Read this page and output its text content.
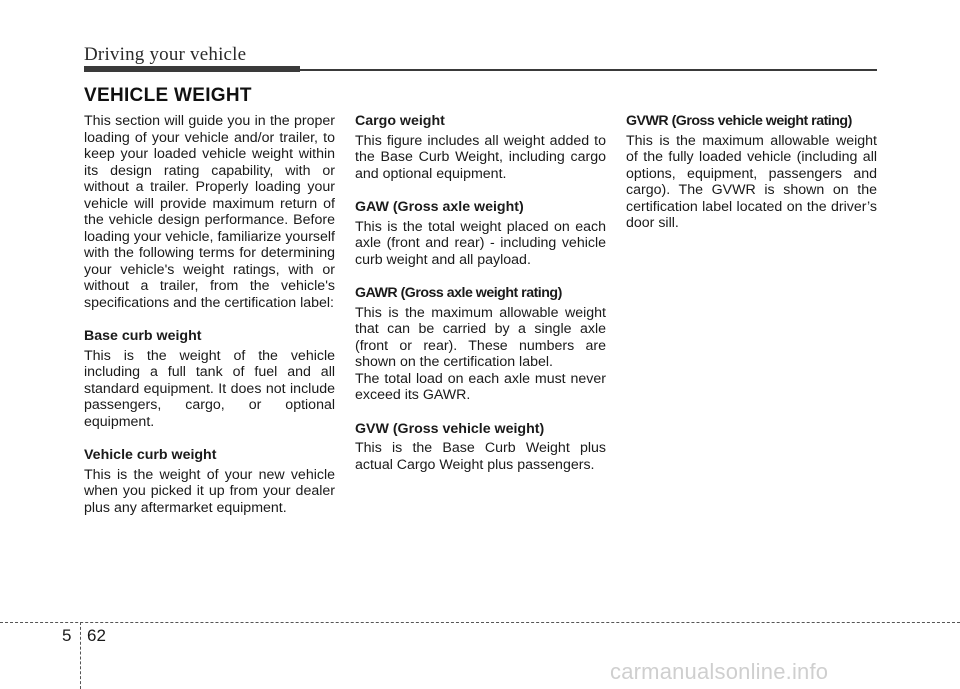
Driving your vehicle
VEHICLE WEIGHT

This section will guide you in the proper loading of your vehicle and/or trailer, to keep your loaded vehicle weight within its design rating capability, with or without a trailer. Properly loading your vehicle will provide maximum return of the vehicle design performance. Before loading your vehicle, familiarize yourself with the following terms for determining your vehicle's weight ratings, with or without a trailer, from the vehicle's specifications and the certification label:

Base curb weight

This is the weight of the vehicle including a full tank of fuel and all standard equipment. It does not include passengers, cargo, or optional equipment.

Vehicle curb weight

This is the weight of your new vehicle when you picked it up from your dealer plus any aftermarket equipment.

Cargo weight

This figure includes all weight added to the Base Curb Weight, including cargo and optional equipment.

GAW (Gross axle weight)

This is the total weight placed on each axle (front and rear) - including vehicle curb weight and all payload.

GAWR (Gross axle weight rating)

This is the maximum allowable weight that can be carried by a single axle (front or rear). These numbers are shown on the certification label.

The total load on each axle must never exceed its GAWR.

GVW (Gross vehicle weight)

This is the Base Curb Weight plus actual Cargo Weight plus passengers.

GVWR (Gross vehicle weight rating)

This is the maximum allowable weight of the fully loaded vehicle (including all options, equipment, passengers and cargo). The GVWR is shown on the certification label located on the driver’s door sill.

5 62
carmanualsonline.info
